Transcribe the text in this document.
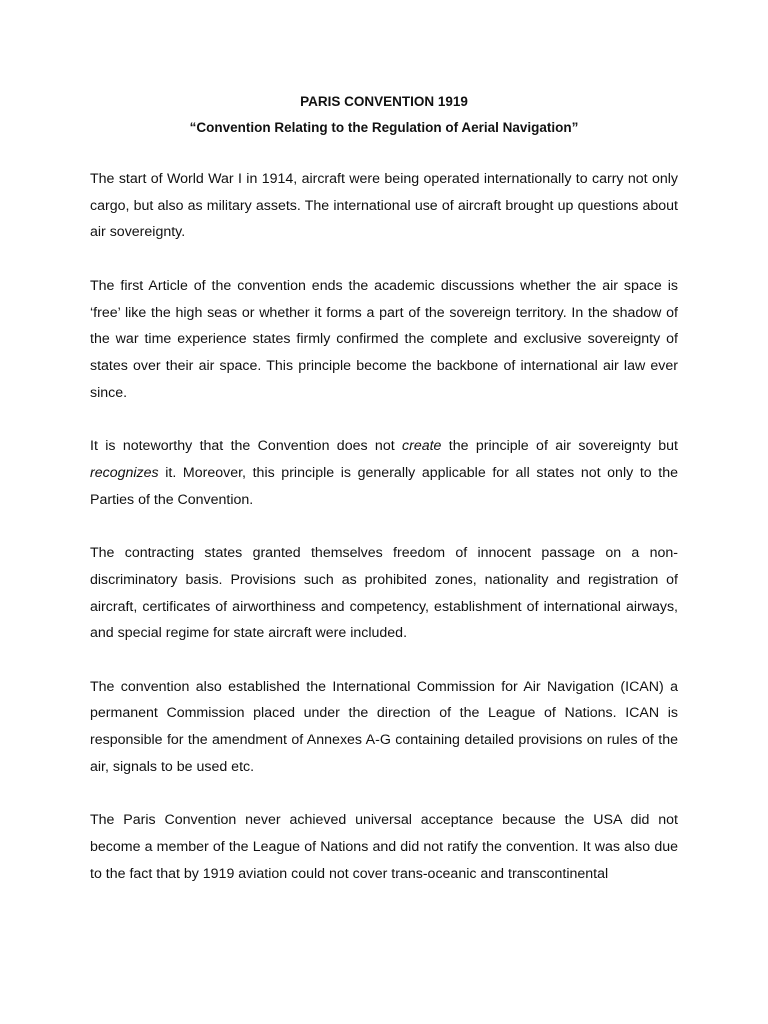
PARIS CONVENTION 1919
“Convention Relating to the Regulation of Aerial Navigation”

The start of World War I in 1914, aircraft were being operated internationally to carry not only cargo, but also as military assets. The international use of aircraft brought up questions about air sovereignty.

The first Article of the convention ends the academic discussions whether the air space is ‘free’ like the high seas or whether it forms a part of the sovereign territory. In the shadow of the war time experience states firmly confirmed the complete and exclusive sovereignty of states over their air space. This principle become the backbone of international air law ever since.

It is noteworthy that the Convention does not create the principle of air sovereignty but recognizes it. Moreover, this principle is generally applicable for all states not only to the Parties of the Convention.

The contracting states granted themselves freedom of innocent passage on a non-discriminatory basis. Provisions such as prohibited zones, nationality and registration of aircraft, certificates of airworthiness and competency, establishment of international airways, and special regime for state aircraft were included.

The convention also established the International Commission for Air Navigation (ICAN) a permanent Commission placed under the direction of the League of Nations. ICAN is responsible for the amendment of Annexes A-G containing detailed provisions on rules of the air, signals to be used etc.

The Paris Convention never achieved universal acceptance because the USA did not become a member of the League of Nations and did not ratify the convention. It was also due to the fact that by 1919 aviation could not cover trans-oceanic and transcontinental
